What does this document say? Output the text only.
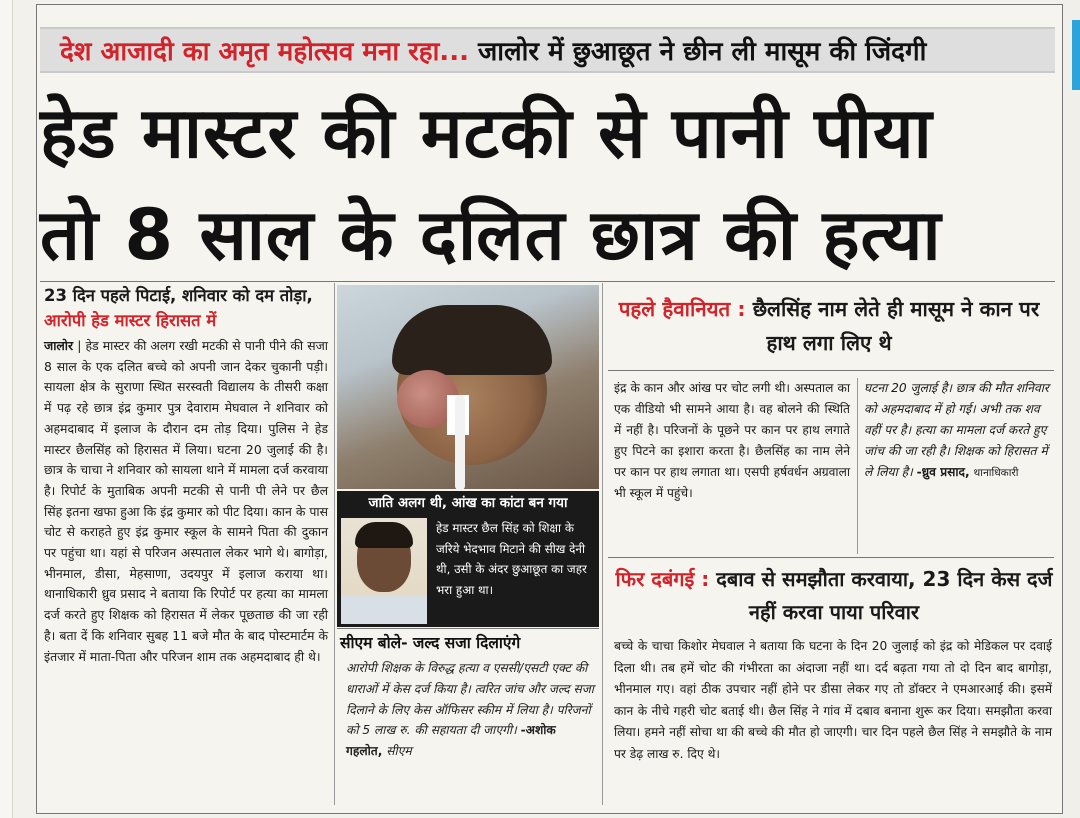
देश आजादी का अमृत महोत्सव मना रहा... जालोर में छुआछूत ने छीन ली मासूम की जिंदगी
हेड मास्टर की मटकी से पानी पीया
तो 8 साल के दलित छात्र की हत्या
23 दिन पहले पिटाई, शनिवार को दम तोड़ा, आरोपी हेड मास्टर हिरासत में
जालोर | हेड मास्टर की अलग रखी मटकी से पानी पीने की सजा 8 साल के एक दलित बच्चे को अपनी जान देकर चुकानी पड़ी। सायला क्षेत्र के सुराणा स्थित सरस्वती विद्यालय के तीसरी कक्षा में पढ़ रहे छात्र इंद्र कुमार पुत्र देवाराम मेघवाल ने शनिवार को अहमदाबाद में इलाज के दौरान दम तोड़ दिया। पुलिस ने हेड मास्टर छैलसिंह को हिरासत में लिया। घटना 20 जुलाई की है। छात्र के चाचा ने शनिवार को सायला थाने में मामला दर्ज करवाया है। रिपोर्ट के मुताबिक अपनी मटकी से पानी पी लेने पर छैल सिंह इतना खफा हुआ कि इंद्र कुमार को पीट दिया। कान के पास चोट से कराहते हुए इंद्र कुमार स्कूल के सामने पिता की दुकान पर पहुंचा था। यहां से परिजन अस्पताल लेकर भागे थे। बागोड़ा, भीनमाल, डीसा, मेहसाणा, उदयपुर में इलाज कराया था। थानाधिकारी ध्रुव प्रसाद ने बताया कि रिपोर्ट पर हत्या का मामला दर्ज करते हुए शिक्षक को हिरासत में लेकर पूछताछ की जा रही है। बता दें कि शनिवार सुबह 11 बजे मौत के बाद पोस्टमार्टम के इंतजार में माता-पिता और परिजन शाम तक अहमदाबाद ही थे।
जाति अलग थी, आंख का कांटा बन गया
हेड मास्टर छैल सिंह को शिक्षा के जरिये भेदभाव मिटाने की सीख देनी थी, उसी के अंदर छुआछूत का जहर भरा हुआ था।
सीएम बोले- जल्द सजा दिलाएंगे
आरोपी शिक्षक के विरुद्ध हत्या व एससी/एसटी एक्ट की धाराओं में केस दर्ज किया है। त्वरित जांच और जल्द सजा दिलाने के लिए केस ऑफिसर स्कीम में लिया है। परिजनों को 5 लाख रु. की सहायता दी जाएगी। -अशोक गहलोत, सीएम
पहले हैवानियत : छैलसिंह नाम लेते ही मासूम ने कान पर हाथ लगा लिए थे
इंद्र के कान और आंख पर चोट लगी थी। अस्पताल का एक वीडियो भी सामने आया है। वह बोलने की स्थिति में नहीं है। परिजनों के पूछने पर कान पर हाथ लगाते हुए पिटने का इशारा करता है। छैलसिंह का नाम लेने पर कान पर हाथ लगाता था। एसपी हर्षवर्धन अग्रवाला भी स्कूल में पहुंचे।
घटना 20 जुलाई है। छात्र की मौत शनिवार को अहमदाबाद में हो गई। अभी तक शव वहीं पर है। हत्या का मामला दर्ज करते हुए जांच की जा रही है। शिक्षक को हिरासत में ले लिया है। -ध्रुव प्रसाद, थानाधिकारी
फिर दबंगई : दबाव से समझौता करवाया, 23 दिन केस दर्ज नहीं करवा पाया परिवार
बच्चे के चाचा किशोर मेघवाल ने बताया कि घटना के दिन 20 जुलाई को इंद्र को मेडिकल पर दवाई दिला थी। तब हमें चोट की गंभीरता का अंदाजा नहीं था। दर्द बढ़ता गया तो दो दिन बाद बागोड़ा, भीनमाल गए। वहां ठीक उपचार नहीं होने पर डीसा लेकर गए तो डॉक्टर ने एमआरआई की। इसमें कान के नीचे गहरी चोट बताई थी। छैल सिंह ने गांव में दबाव बनाना शुरू कर दिया। समझौता करवा लिया। हमने नहीं सोचा था की बच्चे की मौत हो जाएगी। चार दिन पहले छैल सिंह ने समझौते के नाम पर डेढ़ लाख रु. दिए थे।
